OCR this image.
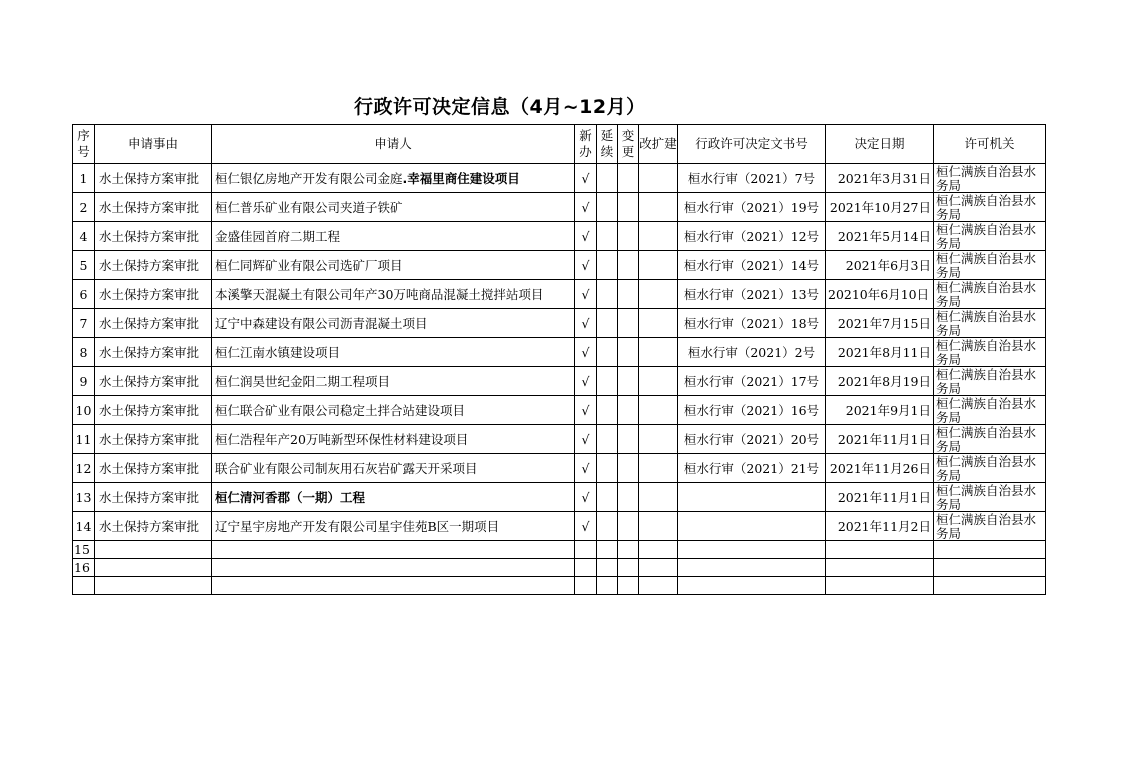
行政许可决定信息（4月~12月）
序号	申请事由	申请人	新办	延续	变更	改扩建	行政许可决定文书号	决定日期	许可机关
1	水土保持方案审批	桓仁银亿房地产开发有限公司金庭.幸福里商住建设项目	√				桓水行审（2021）7号	2021年3月31日	桓仁满族自治县水务局

2	水土保持方案审批	桓仁普乐矿业有限公司夹道子铁矿	√				桓水行审（2021）19号	2021年10月27日	桓仁满族自治县水务局

4	水土保持方案审批	金盛佳园首府二期工程	√				桓水行审（2021）12号	2021年5月14日	桓仁满族自治县水务局

5	水土保持方案审批	桓仁同辉矿业有限公司选矿厂项目	√				桓水行审（2021）14号	2021年6月3日	桓仁满族自治县水务局

6	水土保持方案审批	本溪擎天混凝土有限公司年产30万吨商品混凝土搅拌站项目	√				桓水行审（2021）13号	20210年6月10日	桓仁满族自治县水务局

7	水土保持方案审批	辽宁中森建设有限公司沥青混凝土项目	√				桓水行审（2021）18号	2021年7月15日	桓仁满族自治县水务局

8	水土保持方案审批	桓仁江南水镇建设项目	√				桓水行审（2021）2号	2021年8月11日	桓仁满族自治县水务局

9	水土保持方案审批	桓仁润昊世纪金阳二期工程项目	√				桓水行审（2021）17号	2021年8月19日	桓仁满族自治县水务局

10	水土保持方案审批	桓仁联合矿业有限公司稳定土拌合站建设项目	√				桓水行审（2021）16号	2021年9月1日	桓仁满族自治县水务局

11	水土保持方案审批	桓仁浩程年产20万吨新型环保性材料建设项目	√				桓水行审（2021）20号	2021年11月1日	桓仁满族自治县水务局

12	水土保持方案审批	联合矿业有限公司制灰用石灰岩矿露天开采项目	√				桓水行审（2021）21号	2021年11月26日	桓仁满族自治县水务局

13	水土保持方案审批	桓仁清河香郡（一期）工程	√					2021年11月1日	桓仁满族自治县水务局

14	水土保持方案审批	辽宁星宇房地产开发有限公司星宇佳苑B区一期项目	√					2021年11月2日	桓仁满族自治县水务局

15									
16									
